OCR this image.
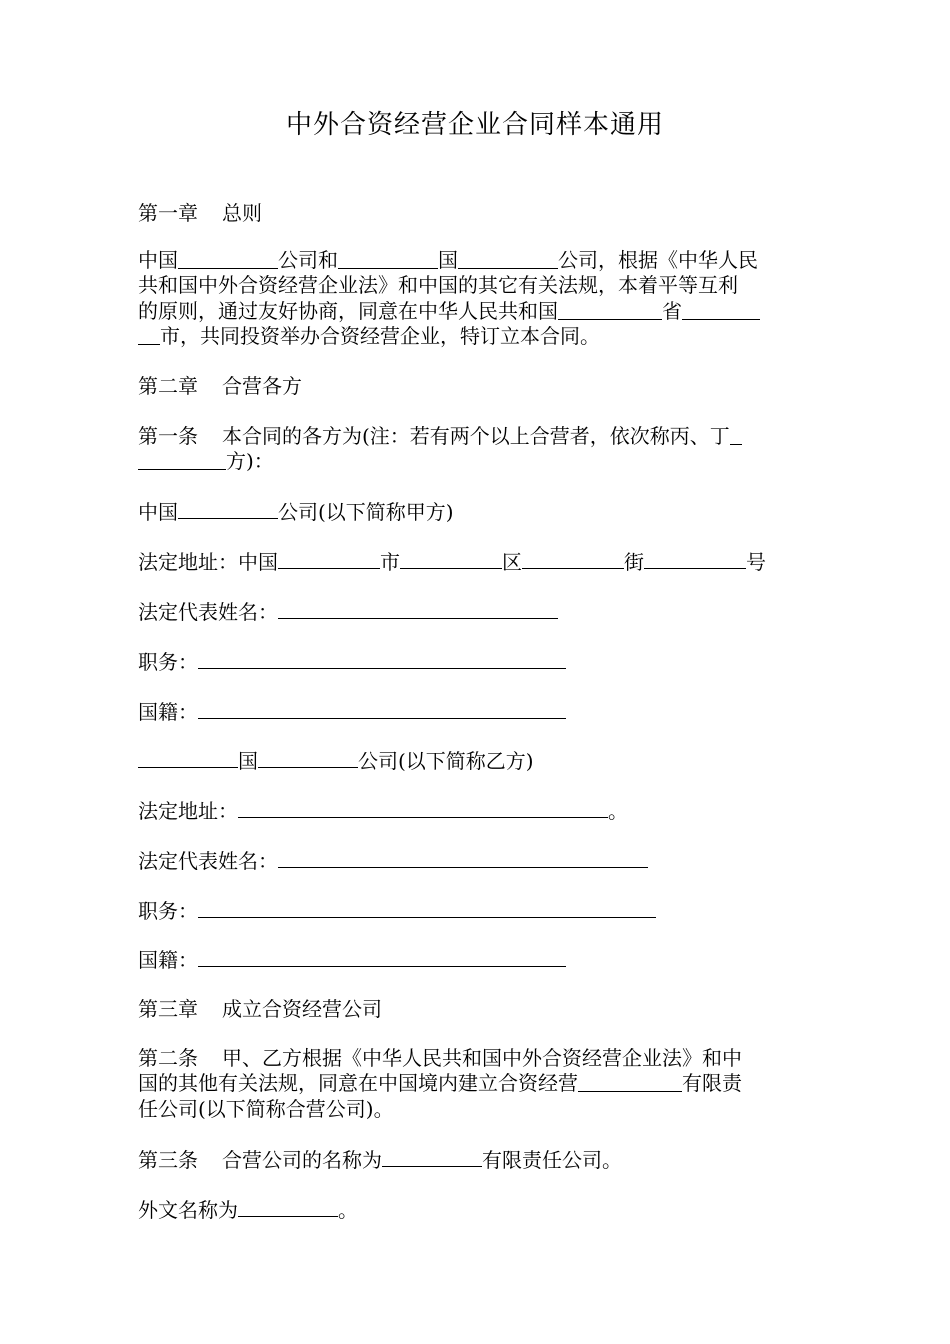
中外合资经营企业合同样本通用
第一章 总则
中国	公司和	国	公司，根据《中华人民
共和国中外合资经营企业法》和中国的其它有关法规，本着平等互利
的原则，通过友好协商，同意在中华人民共和国	省
市，共同投资举办合资经营企业，特订立本合同。
第二章 合营各方
第一条 本合同的各方为(注：若有两个以上合营者，依次称丙、丁
方)：
中国	公司(以下简称甲方)
法定地址：中国	市	区	街	号
法定代表姓名：
职务：
国籍：
国	公司(以下简称乙方)
法定地址：	。
法定代表姓名：
职务：
国籍：
第三章 成立合资经营公司
第二条 甲、乙方根据《中华人民共和国中外合资经营企业法》和中
国的其他有关法规，同意在中国境内建立合资经营	有限责
任公司(以下简称合营公司)。
第三条 合营公司的名称为	有限责任公司。
外文名称为	。
